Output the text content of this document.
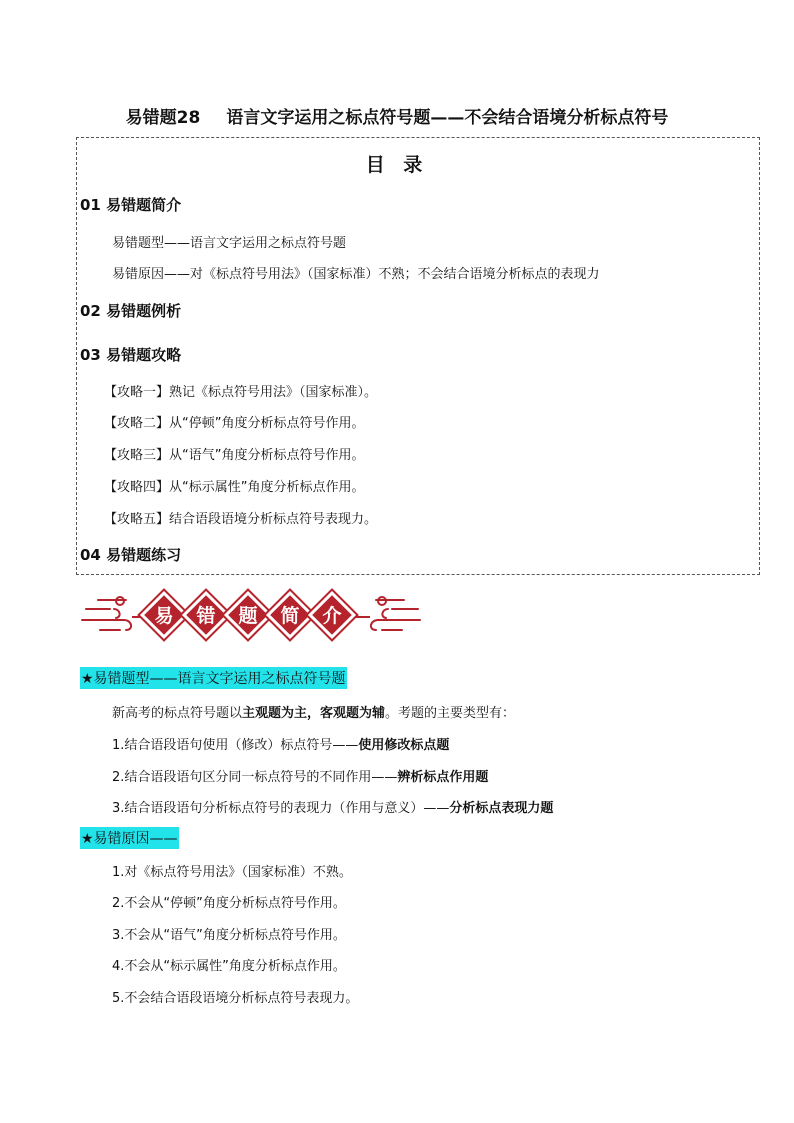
易错题28 语言文字运用之标点符号题——不会结合语境分析标点符号
目 录
01 易错题简介
易错题型——语言文字运用之标点符号题
易错原因——对《标点符号用法》（国家标准）不熟；不会结合语境分析标点的表现力
02 易错题例析
03 易错题攻略
【攻略一】熟记《标点符号用法》（国家标准）。
【攻略二】从“停顿”角度分析标点符号作用。
【攻略三】从“语气”角度分析标点符号作用。
【攻略四】从“标示属性”角度分析标点作用。
【攻略五】结合语段语境分析标点符号表现力。
04 易错题练习
易 错 题 简 介
★易错题型——语言文字运用之标点符号题
新高考的标点符号题以主观题为主，客观题为辅。考题的主要类型有：
1.结合语段语句使用（修改）标点符号——使用修改标点题
2.结合语段语句区分同一标点符号的不同作用——辨析标点作用题
3.结合语段语句分析标点符号的表现力（作用与意义）——分析标点表现力题
★易错原因——
1.对《标点符号用法》（国家标准）不熟。
2.不会从“停顿”角度分析标点符号作用。
3.不会从“语气”角度分析标点符号作用。
4.不会从“标示属性”角度分析标点作用。
5.不会结合语段语境分析标点符号表现力。
